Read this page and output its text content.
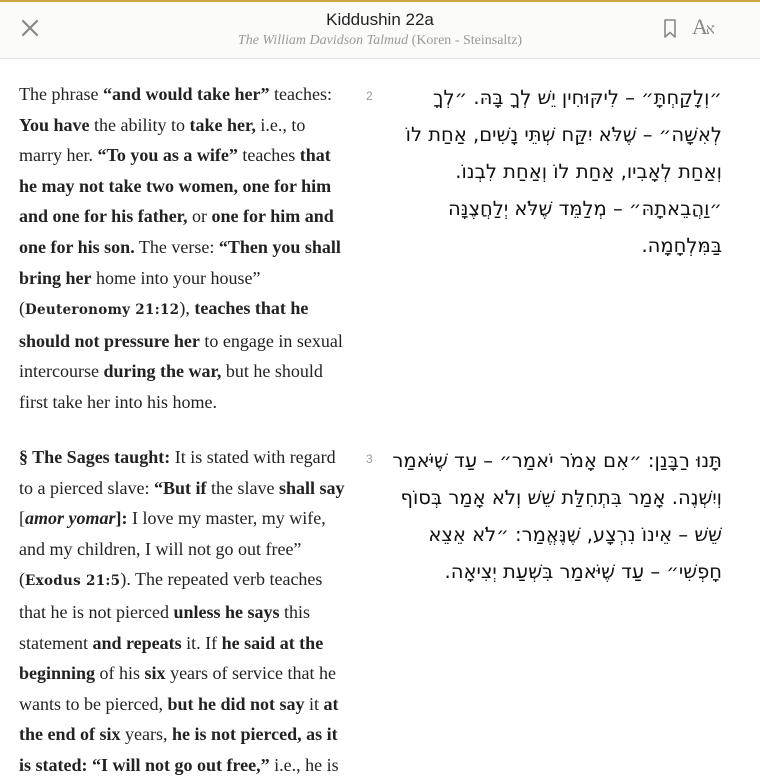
Kiddushin 22a
The William Davidson Talmud (Koren - Steinsaltz)
Aא
The phrase “and would take her” teaches: You have the ability to take her, i.e., to marry her. “To you as a wife” teaches that he may not take two women, one for him and one for his father, or one for him and one for his son. The verse: “Then you shall bring her home into your house” (Deuteronomy 21:12), teaches that he should not pressure her to engage in sexual intercourse during the war, but he should first take her into his home.
2	״וְלָקַחְתָּ״ – לִיקּוּחִין יֵשׁ לְךָ בָּהּ. ״לְךָ
לְאִשָּׁה״ – שֶׁלֹּא יִקַּח שְׁתֵּי נָשִׁים, אַחַת לוֹ
וְאַחַת לְאָבִיו, אַחַת לוֹ וְאַחַת לִבְנוֹ.
״וַהֲבֵאתָהּ״ – מְלַמֵּד שֶׁלֹּא יְלַחֲצֶנָּה
בַּמִּלְחָמָה.
§ The Sages taught: It is stated with regard to a pierced slave: “But if the slave shall say [amor yomar]: I love my master, my wife, and my children, I will not go out free” (Exodus 21:5). The repeated verb teaches that he is not pierced unless he says this statement and repeats it. If he said at the beginning of his six years of service that he wants to be pierced, but he did not say it at the end of six years, he is not pierced, as it is stated: “I will not go out free,” i.e., he is
3 תָּנוּ רַבָּנַן: ״אִם אָמֹר יֹאמַר״ – עַד שֶׁיֹּאמַר
וְיִשְׁנֶה. אָמַר בִּתְחִלַּת שֵׁשׁ וְלֹא אָמַר בְּסוֹף
שֵׁשׁ – אֵינוֹ נִרְצָע, שֶׁנֶּאֱמַר: ״לֹא אֵצֵא
חָפְשִׁי״ – עַד שֶׁיֹּאמַר בִּשְׁעַת יְצִיאָה.
